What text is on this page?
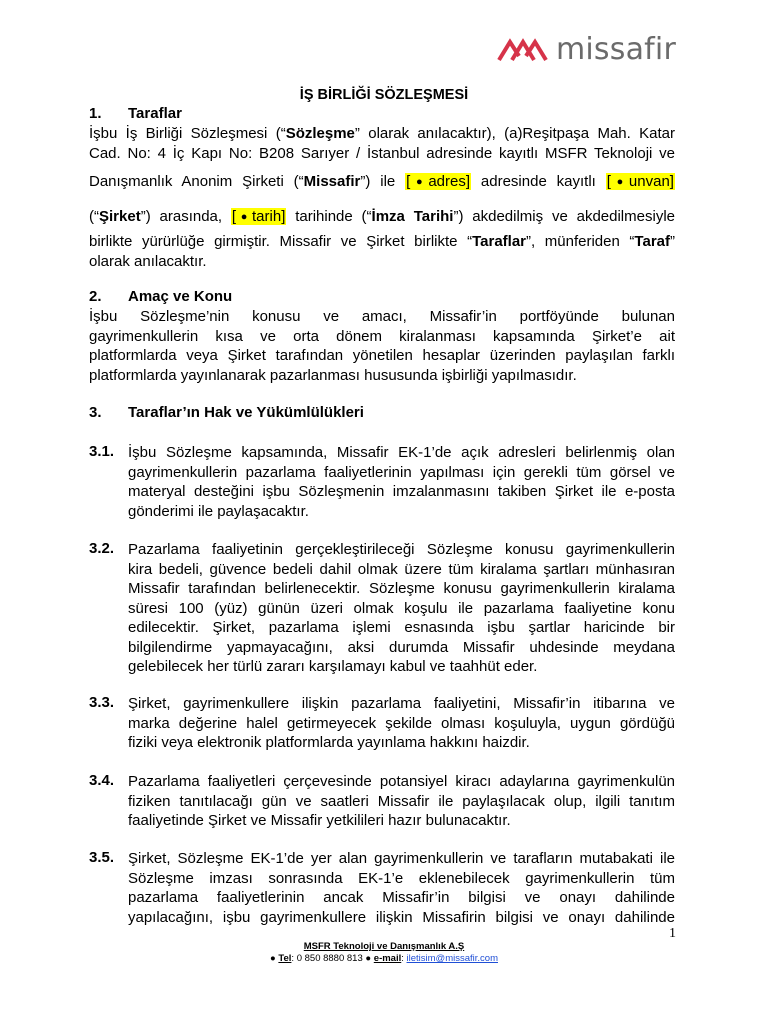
missafir
İŞ BİRLİĞİ SÖZLEŞMESİ
1. Taraflar
İşbu İş Birliği Sözleşmesi (“Sözleşme” olarak anılacaktır), (a)Reşitpaşa Mah. Katar
Cad. No: 4 İç Kapı No: B208 Sarıyer / İstanbul adresinde kayıtlı MSFR Teknoloji ve
Danışmanlık Anonim Şirketi (“Missafir”) ile [●adres] adresinde kayıtlı [●unvan]
(“Şirket”) arasında, [●tarih] tarihinde (“İmza Tarihi”) akdedilmiş ve akdedilmesiyle
birlikte yürürlüğe girmiştir. Missafir ve Şirket birlikte “Taraflar”, münferiden “Taraf”
olarak anılacaktır.
2. Amaç ve Konu
İşbu Sözleşme’nin konusu ve amacı, Missafir’in portföyünde bulunan
gayrimenkullerin kısa ve orta dönem kiralanması kapsamında Şirket’e ait
platformlarda veya Şirket tarafından yönetilen hesaplar üzerinden paylaşılan farklı
platformlarda yayınlanarak pazarlanması hususunda işbirliği yapılmasıdır.
3. Taraflar’ın Hak ve Yükümlülükleri
3.1. İşbu Sözleşme kapsamında, Missafir EK-1’de açık adresleri belirlenmiş olan
gayrimenkullerin pazarlama faaliyetlerinin yapılması için gerekli tüm görsel ve
materyal desteğini işbu Sözleşmenin imzalanmasını takiben Şirket ile e-posta
gönderimi ile paylaşacaktır.
3.2. Pazarlama faaliyetinin gerçekleştirileceği Sözleşme konusu gayrimenkullerin
kira bedeli, güvence bedeli dahil olmak üzere tüm kiralama şartları münhasıran
Missafir tarafından belirlenecektir. Sözleşme konusu gayrimenkullerin kiralama
süresi 100 (yüz) günün üzeri olmak koşulu ile pazarlama faaliyetine konu
edilecektir. Şirket, pazarlama işlemi esnasında işbu şartlar haricinde bir
bilgilendirme yapmayacağını, aksi durumda Missafir uhdesinde meydana
gelebilecek her türlü zararı karşılamayı kabul ve taahhüt eder.
3.3. Şirket, gayrimenkullere ilişkin pazarlama faaliyetini, Missafir’in itibarına ve
marka değerine halel getirmeyecek şekilde olması koşuluyla, uygun gördüğü
fiziki veya elektronik platformlarda yayınlama hakkını haizdir.
3.4. Pazarlama faaliyetleri çerçevesinde potansiyel kiracı adaylarına gayrimenkulün
fiziken tanıtılacağı gün ve saatleri Missafir ile paylaşılacak olup, ilgili tanıtım
faaliyetinde Şirket ve Missafir yetkilileri hazır bulunacaktır.
3.5. Şirket, Sözleşme EK-1’de yer alan gayrimenkullerin ve tarafların mutabakati ile
Sözleşme imzası sonrasında EK-1’e eklenebilecek gayrimenkullerin tüm
pazarlama faaliyetlerinin ancak Missafir’in bilgisi ve onayı dahilinde
yapılacağını, işbu gayrimenkullere ilişkin Missafirin bilgisi ve onayı dahilinde
1
MSFR Teknoloji ve Danışmanlık A.Ş
● Tel: 0 850 8880 813 ● e-mail: iletisim@missafir.com
